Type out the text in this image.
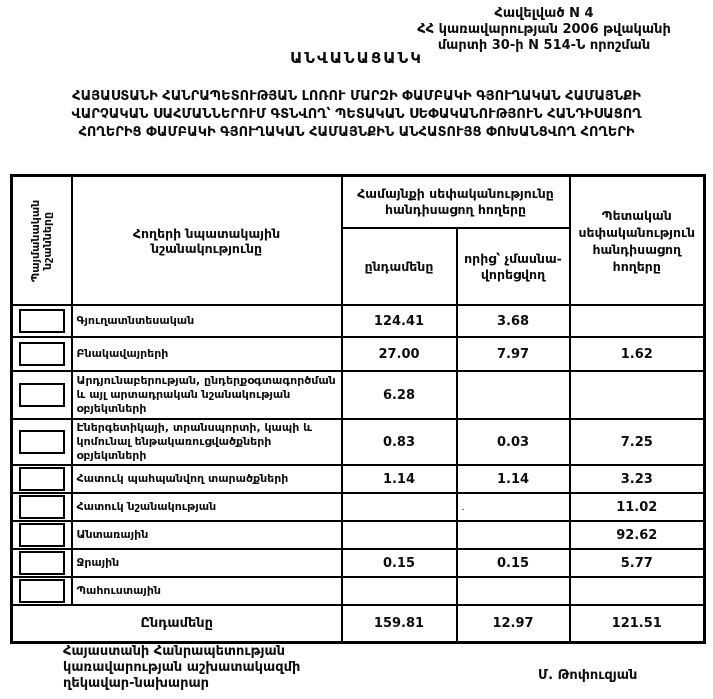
Հավելված N 4
ՀՀ կառավարության 2006 թվականի
մարտի 30-ի N 514-Ն որոշման
ԱՆՎԱՆԱՑԱՆԿ
ՀԱՅԱՍՏԱՆԻ ՀԱՆՐԱՊԵՏՈՒԹՅԱՆ ԼՈՌՈՒ ՄԱՐԶԻ ՓԱՄԲԱԿԻ ԳՅՈՒՂԱԿԱՆ ՀԱՄԱՅՆՔԻ
ՎԱՐՉԱԿԱՆ ՍԱՀՄԱՆՆԵՐՈՒՄ ԳՏՆՎՈՂ՝ ՊԵՏԱԿԱՆ ՍԵՓԱԿԱՆՈՒԹՅՈՒՆ ՀԱՆԴԻՍԱՑՈՂ
ՀՈՂԵՐԻՑ ՓԱՄԲԱԿԻ ԳՅՈՒՂԱԿԱՆ ՀԱՄԱՅՆՔԻՆ ԱՆՀԱՏՈՒՅՑ ՓՈԽԱՆՑՎՈՂ ՀՈՂԵՐԻ
Պայմանական նշանները	Հողերի նպատակային նշանակությունը	Համայնքի սեփականությունը հանդիսացող հողերը		Պետական սեփականություն հանդիսացող հողերը
		ընդամենը	որից՝ չմասնա-վորեցվող	

	Գյուղատնտեսական	124.41	3.68	

	Բնակավայրերի	27.00	7.97	1.62

	Արդյունաբերության, ընդերքօգտագործման և այլ արտադրական նշանակության օբյեկտների	6.28		

	Էներգետիկայի, տրանսպորտի, կապի և կոմունալ ենթակառուցվածքների օբյեկտների	0.83	0.03	7.25

	Հատուկ պահպանվող տարածքների	1.14	1.14	3.23

	Հատուկ նշանակության		.	11.02

	Անտառային			92.62

	Ջրային	0.15	0.15	5.77

	Պահուստային			
Ընդամենը		159.81	12.97	121.51
Հայաստանի Հանրապետության
կառավարության աշխատակազմի
ղեկավար-նախարար
Մ. Թոփուզյան
